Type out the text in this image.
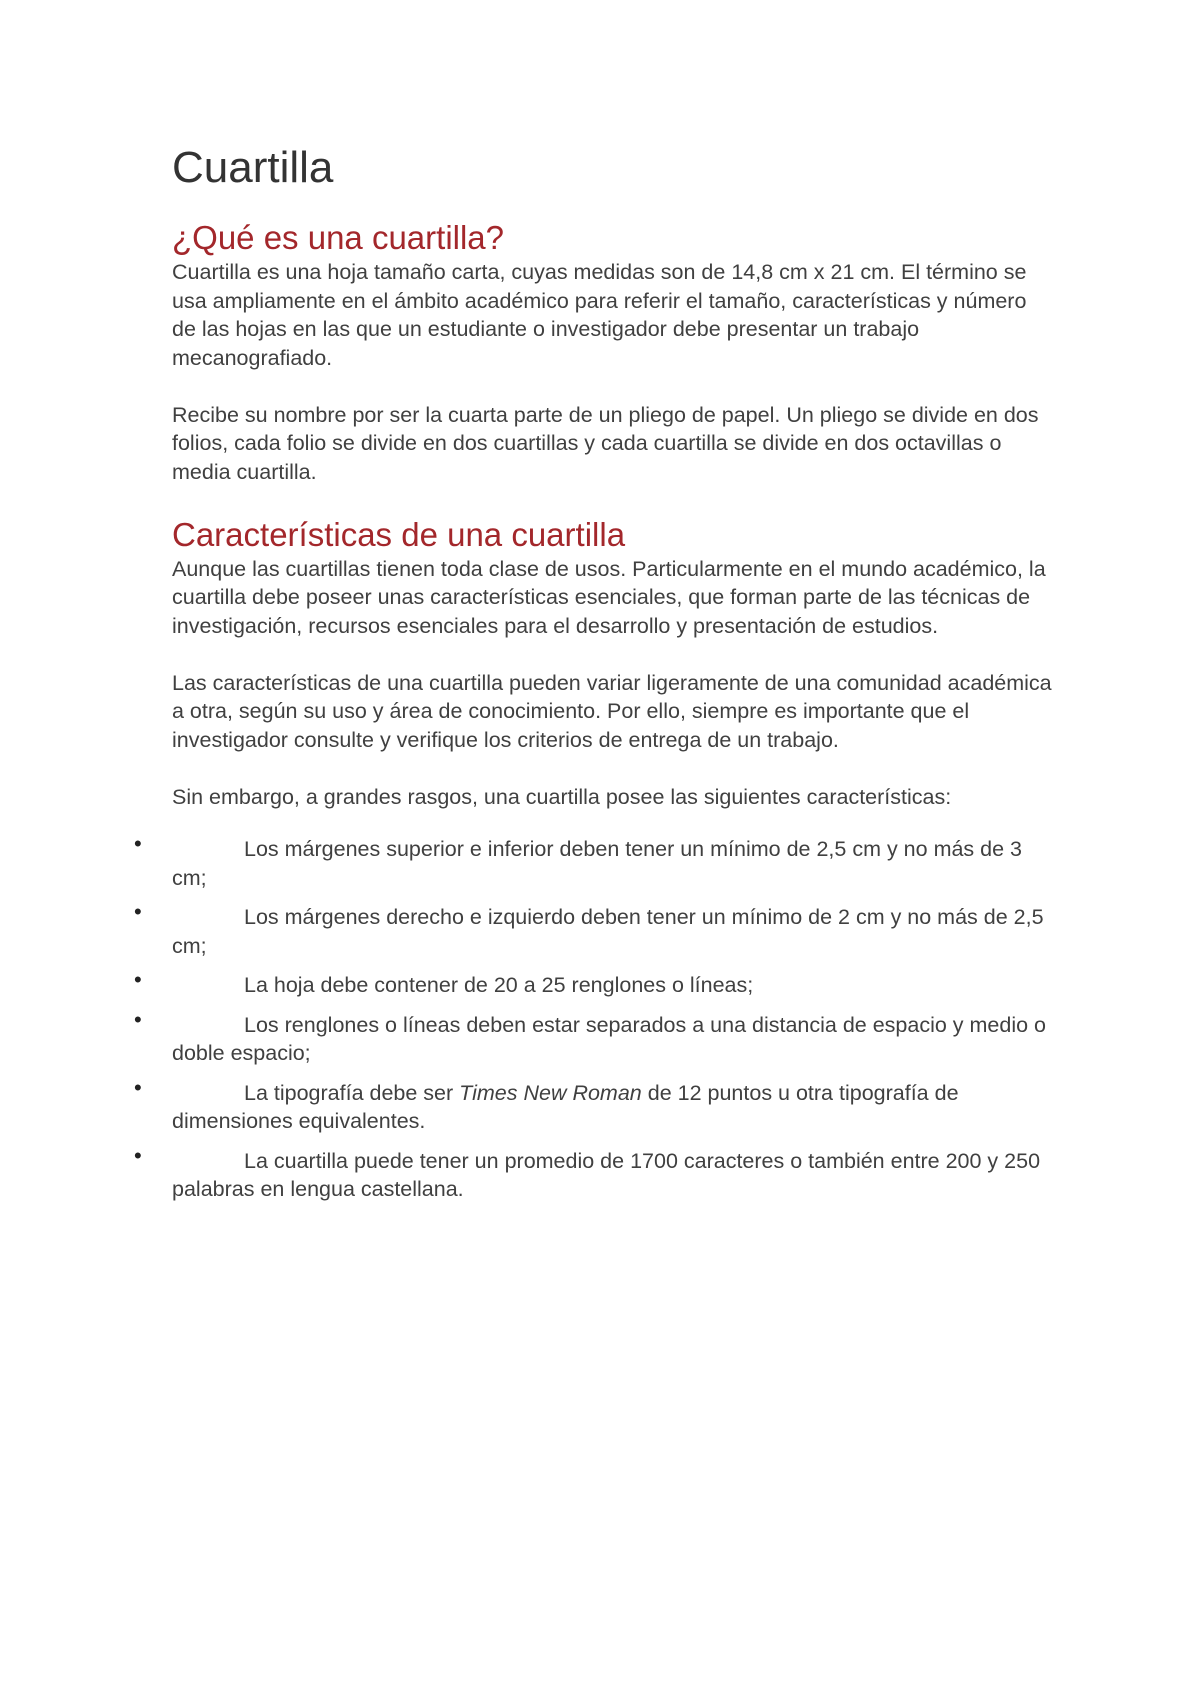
Cuartilla
¿Qué es una cuartilla?

Cuartilla es una hoja tamaño carta, cuyas medidas son de 14,8 cm x 21 cm. El término se usa ampliamente en el ámbito académico para referir el tamaño, características y número de las hojas en las que un estudiante o investigador debe presentar un trabajo mecanografiado.

Recibe su nombre por ser la cuarta parte de un pliego de papel. Un pliego se divide en dos folios, cada folio se divide en dos cuartillas y cada cuartilla se divide en dos octavillas o media cuartilla.

Características de una cuartilla

Aunque las cuartillas tienen toda clase de usos. Particularmente en el mundo académico, la cuartilla debe poseer unas características esenciales, que forman parte de las técnicas de investigación, recursos esenciales para el desarrollo y presentación de estudios.

Las características de una cuartilla pueden variar ligeramente de una comunidad académica a otra, según su uso y área de conocimiento. Por ello, siempre es importante que el investigador consulte y verifique los criterios de entrega de un trabajo.

Sin embargo, a grandes rasgos, una cuartilla posee las siguientes características:

•	Los márgenes superior e inferior deben tener un mínimo de 2,5 cm y no más de 3 cm;
•	Los márgenes derecho e izquierdo deben tener un mínimo de 2 cm y no más de 2,5 cm;
•	La hoja debe contener de 20 a 25 renglones o líneas;
•	Los renglones o líneas deben estar separados a una distancia de espacio y medio o doble espacio;
•	La tipografía debe ser Times New Roman de 12 puntos u otra tipografía de dimensiones equivalentes.
•	La cuartilla puede tener un promedio de 1700 caracteres o también entre 200 y 250 palabras en lengua castellana.
